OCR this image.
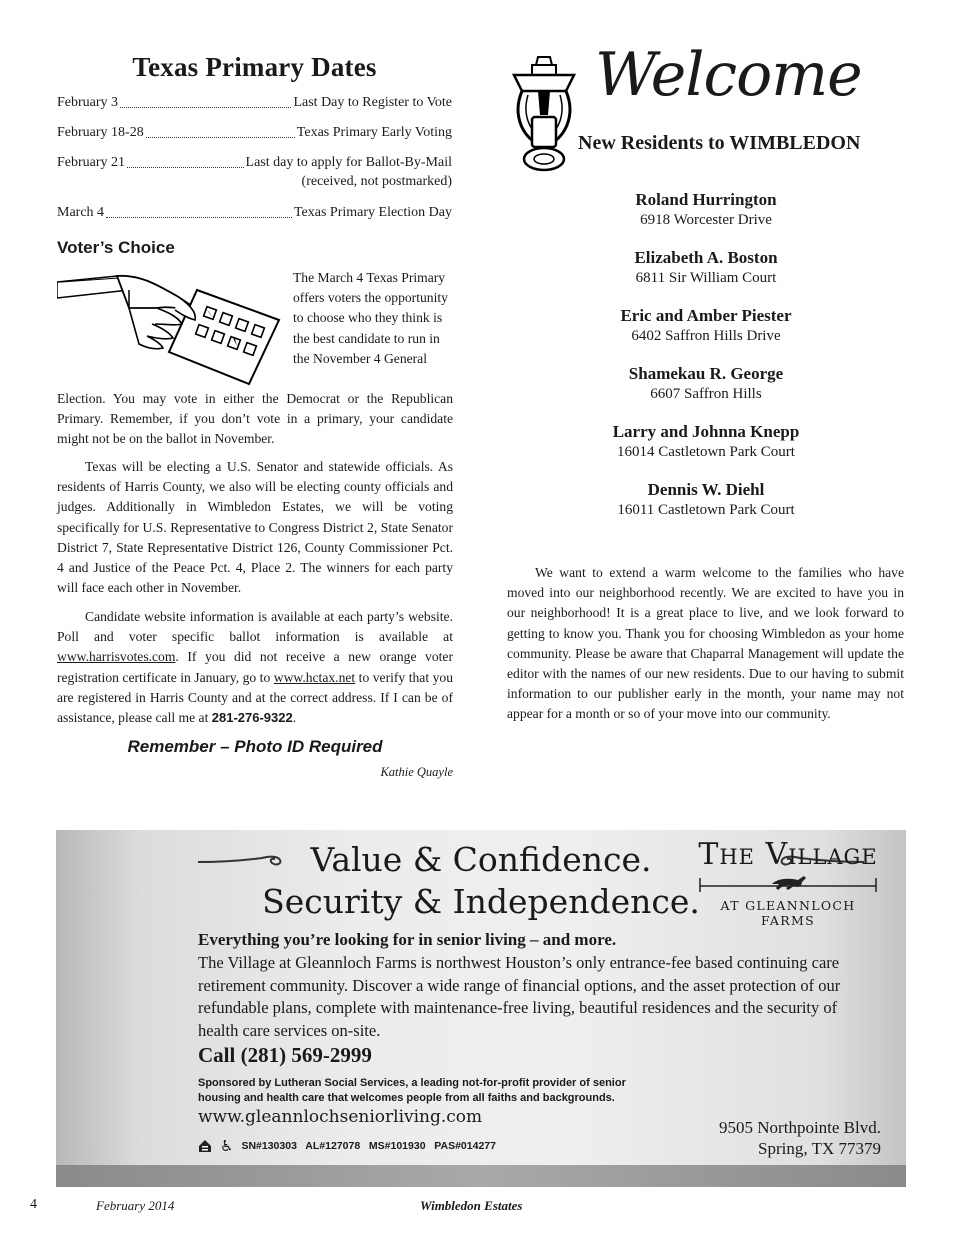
Texas Primary Dates
February 3	Last Day to Register to Vote
February 18-28	Texas Primary Early Voting
February 21	Last day to apply for Ballot-By-Mail
(received, not postmarked)
March 4	Texas Primary Election Day
Voter’s Choice
The March 4 Texas Primary offers voters the opportunity to choose who they think is the best candidate to run in the November 4 General
Election. You may vote in either the Democrat or the Republican Primary. Remember, if you don’t vote in a primary, your candidate might not be on the ballot in November.
Texas will be electing a U.S. Senator and statewide officials. As residents of Harris County, we also will be electing county officials and judges. Additionally in Wimbledon Estates, we will be voting specifically for U.S. Representative to Congress District 2, State Senator District 7, State Representative District 126, County Commissioner Pct. 4 and Justice of the Peace Pct. 4, Place 2. The winners for each party will face each other in November.
Candidate website information is available at each party’s website. Poll and voter specific ballot information is available at www.harrisvotes.com. If you did not receive a new orange voter registration certificate in January, go to www.hctax.net to verify that you are registered in Harris County and at the correct address. If I can be of assistance, please call me at 281-276-9322.
Remember – Photo ID Required
Kathie Quayle
Welcome
New Residents to WIMBLEDON
Roland Hurrington
6918 Worcester Drive
Elizabeth A. Boston
6811 Sir William Court
Eric and Amber Piester
6402 Saffron Hills Drive
Shamekau R. George
6607 Saffron Hills
Larry and Johnna Knepp
16014 Castletown Park Court
Dennis W. Diehl
16011 Castletown Park Court
We want to extend a warm welcome to the families who have moved into our neighborhood recently. We are excited to have you in our neighborhood! It is a great place to live, and we look forward to getting to know you. Thank you for choosing Wimbledon as your home community. Please be aware that Chaparral Management will update the editor with the names of our new residents. Due to our having to submit information to our publisher early in the month, your name may not appear for a month or so of your move into our community.
Value & Confidence.
Security & Independence.
Everything you’re looking for in senior living – and more.
The Village at Gleannloch Farms is northwest Houston’s only entrance-fee based continuing care retirement community. Discover a wide range of financial options, and the asset protection of our refundable plans, complete with maintenance-free living, beautiful residences and the security of health care services on-site.
Call (281) 569-2999
Sponsored by Lutheran Social Services, a leading not-for-profit provider of senior housing and health care that welcomes people from all faiths and backgrounds.
www.gleannlochseniorliving.com
♿ SN#130303   AL#127078   MS#101930   PAS#014277
The Village
AT GLEANNLOCH FARMS
9505 Northpointe Blvd.
Spring, TX 77379
4	February 2014	Wimbledon Estates
